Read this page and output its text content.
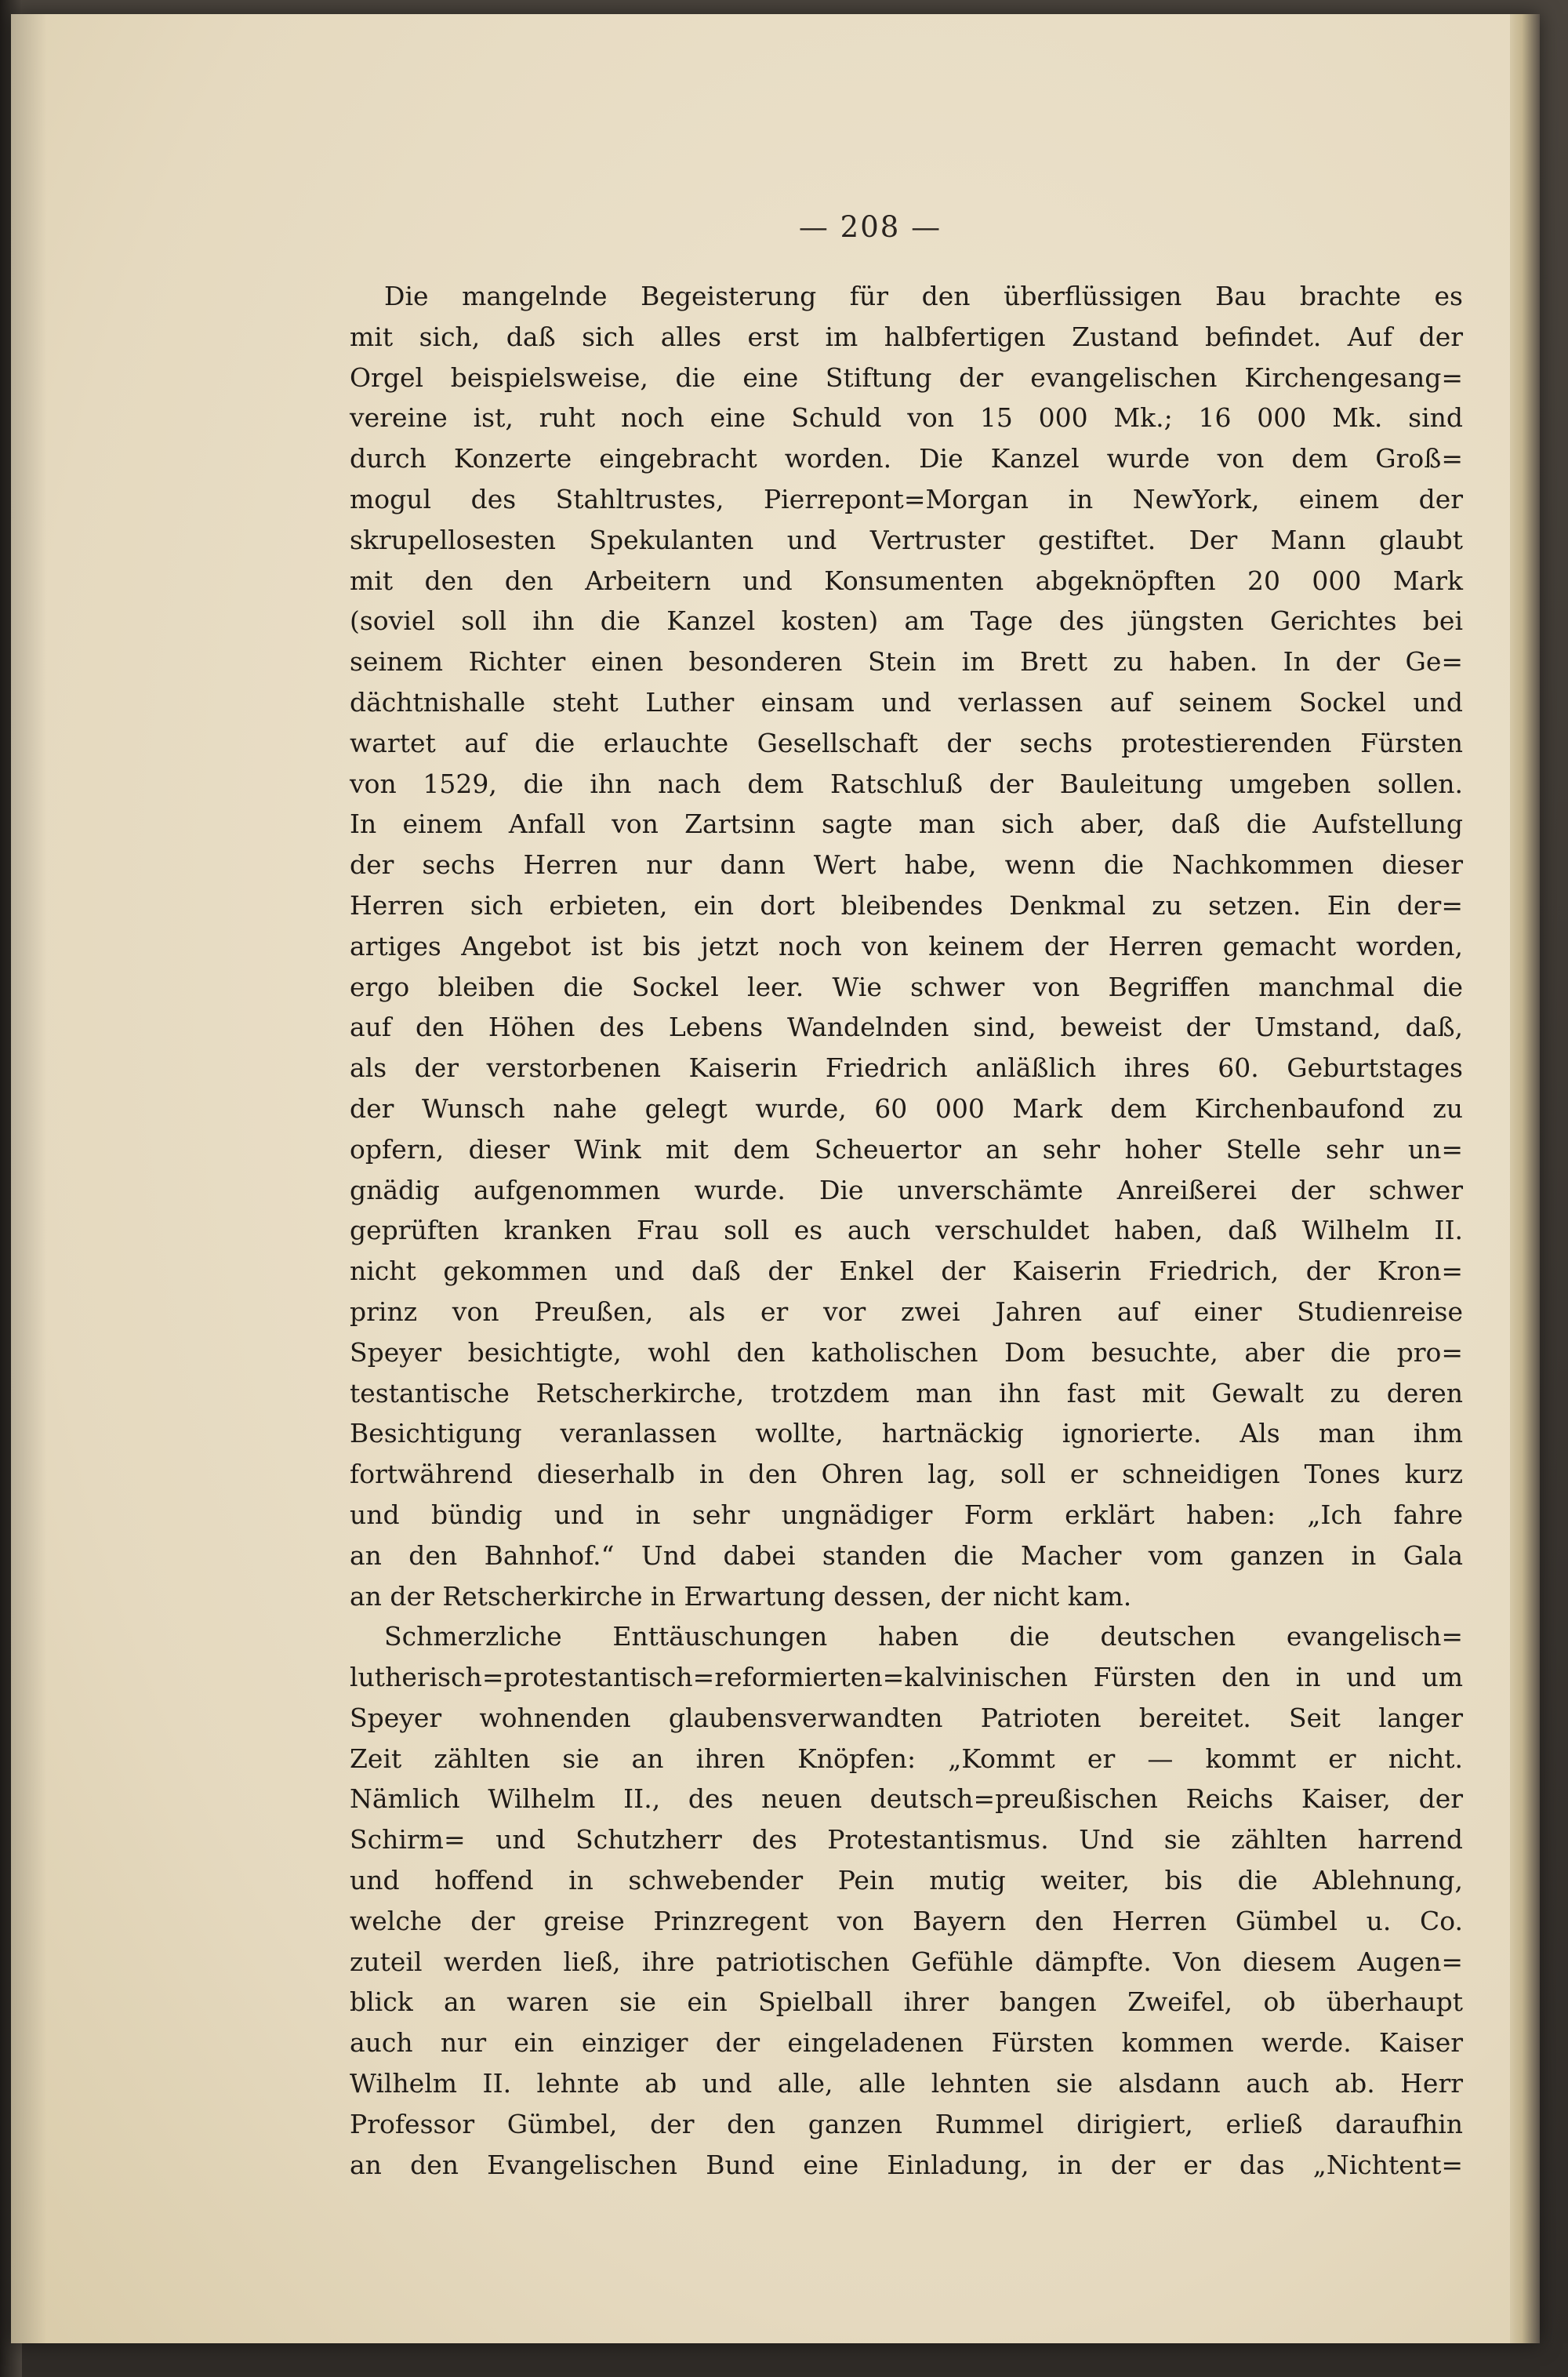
— 208 —
Die mangelnde Begeisterung für den überflüssigen Bau brachte es
mit sich, daß sich alles erst im halbfertigen Zustand befindet. Auf der
Orgel beispielsweise, die eine Stiftung der evangelischen Kirchengesang=
vereine ist, ruht noch eine Schuld von 15 000 Mk.; 16 000 Mk. sind
durch Konzerte eingebracht worden. Die Kanzel wurde von dem Groß=
mogul des Stahltrustes, Pierrepont=Morgan in NewYork, einem der
skrupellosesten Spekulanten und Vertruster gestiftet. Der Mann glaubt
mit den den Arbeitern und Konsumenten abgeknöpften 20 000 Mark
(soviel soll ihn die Kanzel kosten) am Tage des jüngsten Gerichtes bei
seinem Richter einen besonderen Stein im Brett zu haben. In der Ge=
dächtnishalle steht Luther einsam und verlassen auf seinem Sockel und
wartet auf die erlauchte Gesellschaft der sechs protestierenden Fürsten
von 1529, die ihn nach dem Ratschluß der Bauleitung umgeben sollen.
In einem Anfall von Zartsinn sagte man sich aber, daß die Aufstellung
der sechs Herren nur dann Wert habe, wenn die Nachkommen dieser
Herren sich erbieten, ein dort bleibendes Denkmal zu setzen. Ein der=
artiges Angebot ist bis jetzt noch von keinem der Herren gemacht worden,
ergo bleiben die Sockel leer. Wie schwer von Begriffen manchmal die
auf den Höhen des Lebens Wandelnden sind, beweist der Umstand, daß,
als der verstorbenen Kaiserin Friedrich anläßlich ihres 60. Geburtstages
der Wunsch nahe gelegt wurde, 60 000 Mark dem Kirchenbaufond zu
opfern, dieser Wink mit dem Scheuertor an sehr hoher Stelle sehr un=
gnädig aufgenommen wurde. Die unverschämte Anreißerei der schwer
geprüften kranken Frau soll es auch verschuldet haben, daß Wilhelm II.
nicht gekommen und daß der Enkel der Kaiserin Friedrich, der Kron=
prinz von Preußen, als er vor zwei Jahren auf einer Studienreise
Speyer besichtigte, wohl den katholischen Dom besuchte, aber die pro=
testantische Retscherkirche, trotzdem man ihn fast mit Gewalt zu deren
Besichtigung veranlassen wollte, hartnäckig ignorierte. Als man ihm
fortwährend dieserhalb in den Ohren lag, soll er schneidigen Tones kurz
und bündig und in sehr ungnädiger Form erklärt haben: „Ich fahre
an den Bahnhof.“ Und dabei standen die Macher vom ganzen in Gala
an der Retscherkirche in Erwartung dessen, der nicht kam.
Schmerzliche Enttäuschungen haben die deutschen evangelisch=
lutherisch=protestantisch=reformierten=kalvinischen Fürsten den in und um
Speyer wohnenden glaubensverwandten Patrioten bereitet. Seit langer
Zeit zählten sie an ihren Knöpfen: „Kommt er — kommt er nicht.
Nämlich Wilhelm II., des neuen deutsch=preußischen Reichs Kaiser, der
Schirm= und Schutzherr des Protestantismus. Und sie zählten harrend
und hoffend in schwebender Pein mutig weiter, bis die Ablehnung,
welche der greise Prinzregent von Bayern den Herren Gümbel u. Co.
zuteil werden ließ, ihre patriotischen Gefühle dämpfte. Von diesem Augen=
blick an waren sie ein Spielball ihrer bangen Zweifel, ob überhaupt
auch nur ein einziger der eingeladenen Fürsten kommen werde. Kaiser
Wilhelm II. lehnte ab und alle, alle lehnten sie alsdann auch ab. Herr
Professor Gümbel, der den ganzen Rummel dirigiert, erließ daraufhin
an den Evangelischen Bund eine Einladung, in der er das „Nichtent=
